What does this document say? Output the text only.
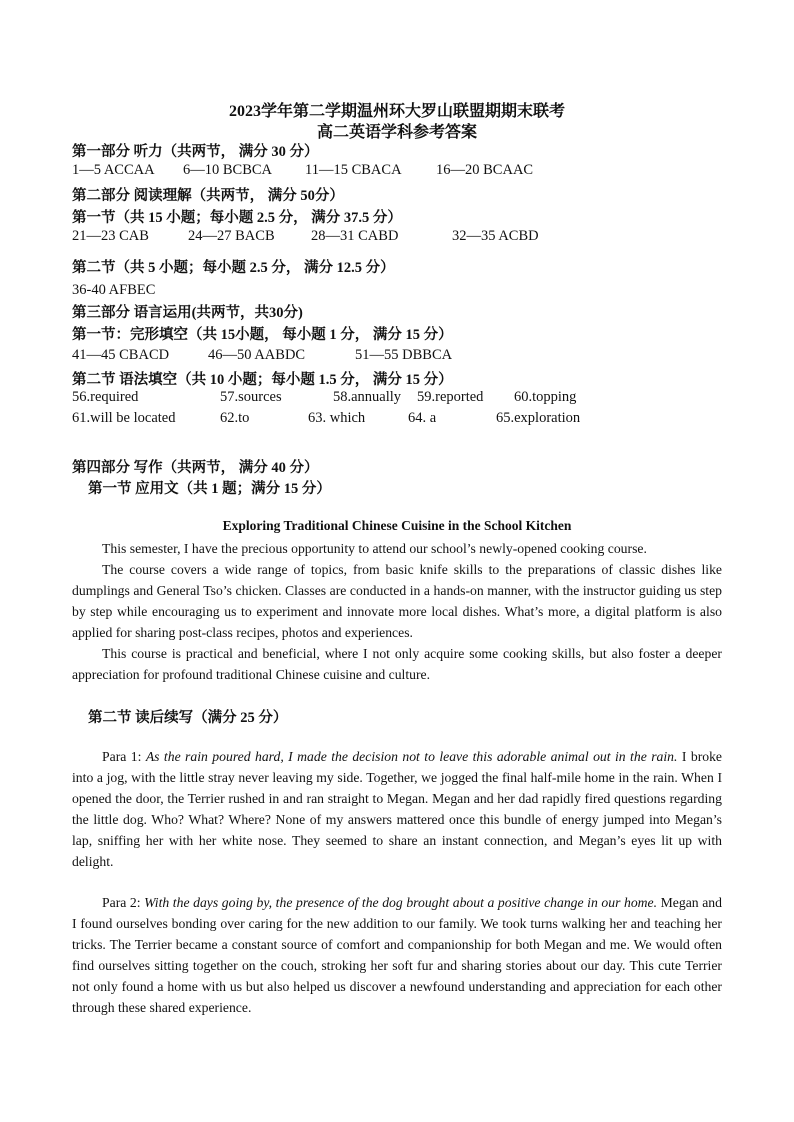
2023学年第二学期温州环大罗山联盟期期末联考
高二英语学科参考答案
第一部分 听力（共两节， 满分 30 分）
1—5 ACCAA 6—10 BCBCA 11—15 CBACA 16—20 BCAAC
第二部分 阅读理解（共两节， 满分 50分）
第一节（共 15 小题；每小题 2.5 分， 满分 37.5 分）
21—23 CAB	24—27 BACB	28—31 CABD	32—35 ACBD
第二节（共 5 小题；每小题 2.5 分， 满分 12.5 分）
36-40 AFBEC
第三部分 语言运用(共两节，共30分)
第一节：完形填空（共 15小题， 每小题 1 分， 满分 15 分）
41—45 CBACD	46—50 AABDC	51—55 DBBCA
第二节 语法填空（共 10 小题；每小题 1.5 分， 满分 15 分）
56.required	57.sources	58.annually 59.reported 60.topping
61.will be located	62.to	63. which	64. a	65.exploration
第四部分 写作（共两节， 满分 40 分）
第一节 应用文（共 1 题；满分 15 分）
Exploring Traditional Chinese Cuisine in the School Kitchen

This semester, I have the precious opportunity to attend our school’s newly-opened cooking course.

The course covers a wide range of topics, from basic knife skills to the preparations of classic dishes like dumplings and General Tso’s chicken. Classes are conducted in a hands-on manner, with the instructor guiding us step by step while encouraging us to experiment and innovate more local dishes. What’s more, a digital platform is also applied for sharing post-class recipes, photos and experiences.

This course is practical and beneficial, where I not only acquire some cooking skills, but also foster a deeper appreciation for profound traditional Chinese cuisine and culture.

第二节 读后续写（满分 25 分）

Para 1: As the rain poured hard, I made the decision not to leave this adorable animal out in the rain. I broke into a jog, with the little stray never leaving my side. Together, we jogged the final half-mile home in the rain. When I opened the door, the Terrier rushed in and ran straight to Megan. Megan and her dad rapidly fired questions regarding the little dog. Who? What? Where? None of my answers mattered once this bundle of energy jumped into Megan’s lap, sniffing her with her white nose. They seemed to share an instant connection, and Megan’s eyes lit up with delight.

Para 2: With the days going by, the presence of the dog brought about a positive change in our home. Megan and I found ourselves bonding over caring for the new addition to our family. We took turns walking her and teaching her tricks. The Terrier became a constant source of comfort and companionship for both Megan and me. We would often find ourselves sitting together on the couch, stroking her soft fur and sharing stories about our day. This cute Terrier not only found a home with us but also helped us discover a newfound understanding and appreciation for each other through these shared experience.
